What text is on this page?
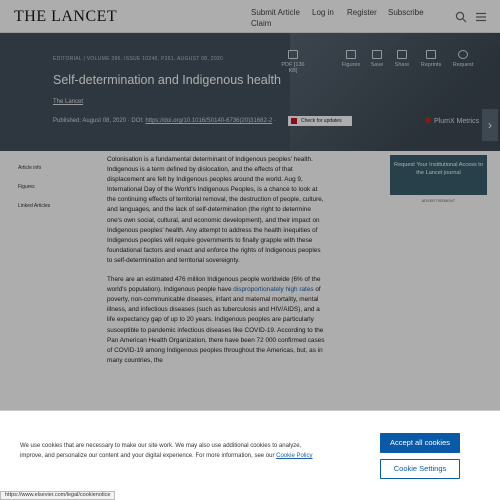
THE LANCET	Submit Article
Claim
Log in Register Subscribe
EDITORIAL | VOLUME 396, ISSUE 10248, P361, AUGUST 08, 2020
Self-determination and Indigenous health
The Lancet
Published: August 08, 2020 · DOI: https://doi.org/10.1016/S0140-6736(20)31682-2 ·	Check for updates	PlumX Metrics
PDF [136 KB]
Figures	Save	Share	Reprints	Request
›
Article info
Figures
Linked Articles

Colonisation is a fundamental determinant of Indigenous peoples' health. Indigenous is a term defined by dislocation, and the effects of that displacement are felt by Indigenous peoples around the world. Aug 9, International Day of the World's Indigenous Peoples, is a chance to look at the continuing effects of territorial removal, the destruction of people, culture, and languages, and the lack of self-determination (the right to determine one's own social, cultural, and economic development), and their impact on Indigenous peoples' health. Any attempt to address the health inequities of Indigenous peoples will require governments to finally grapple with these foundational factors and enact and enforce the rights of Indigenous peoples to self-determination and territorial sovereignty.

There are an estimated 476 million Indigenous people worldwide (6% of the world's population). Indigenous people have disproportionately high rates of poverty, non-communicable diseases, infant and maternal mortality, mental illness, and infectious diseases (such as tuberculosis and HIV/AIDS), and a life expectancy gap of up to 20 years. Indigenous peoples are particularly susceptible to pandemic infectious diseases like COVID-19. According to the Pan American Health Organization, there have been 72 000 confirmed cases of COVID-19 among Indigenous peoples throughout the Americas, but, as in many countries, the

Request Your Institutional Access to the Lancet journal
ADVERTISEMENT
We use cookies that are necessary to make our site work. We may also use additional cookies to analyze, improve, and personalize our content and your digital experience. For more information, see our Cookie Policy
Accept all cookies
Cookie Settings
https://www.elsevier.com/legal/cookienotice
